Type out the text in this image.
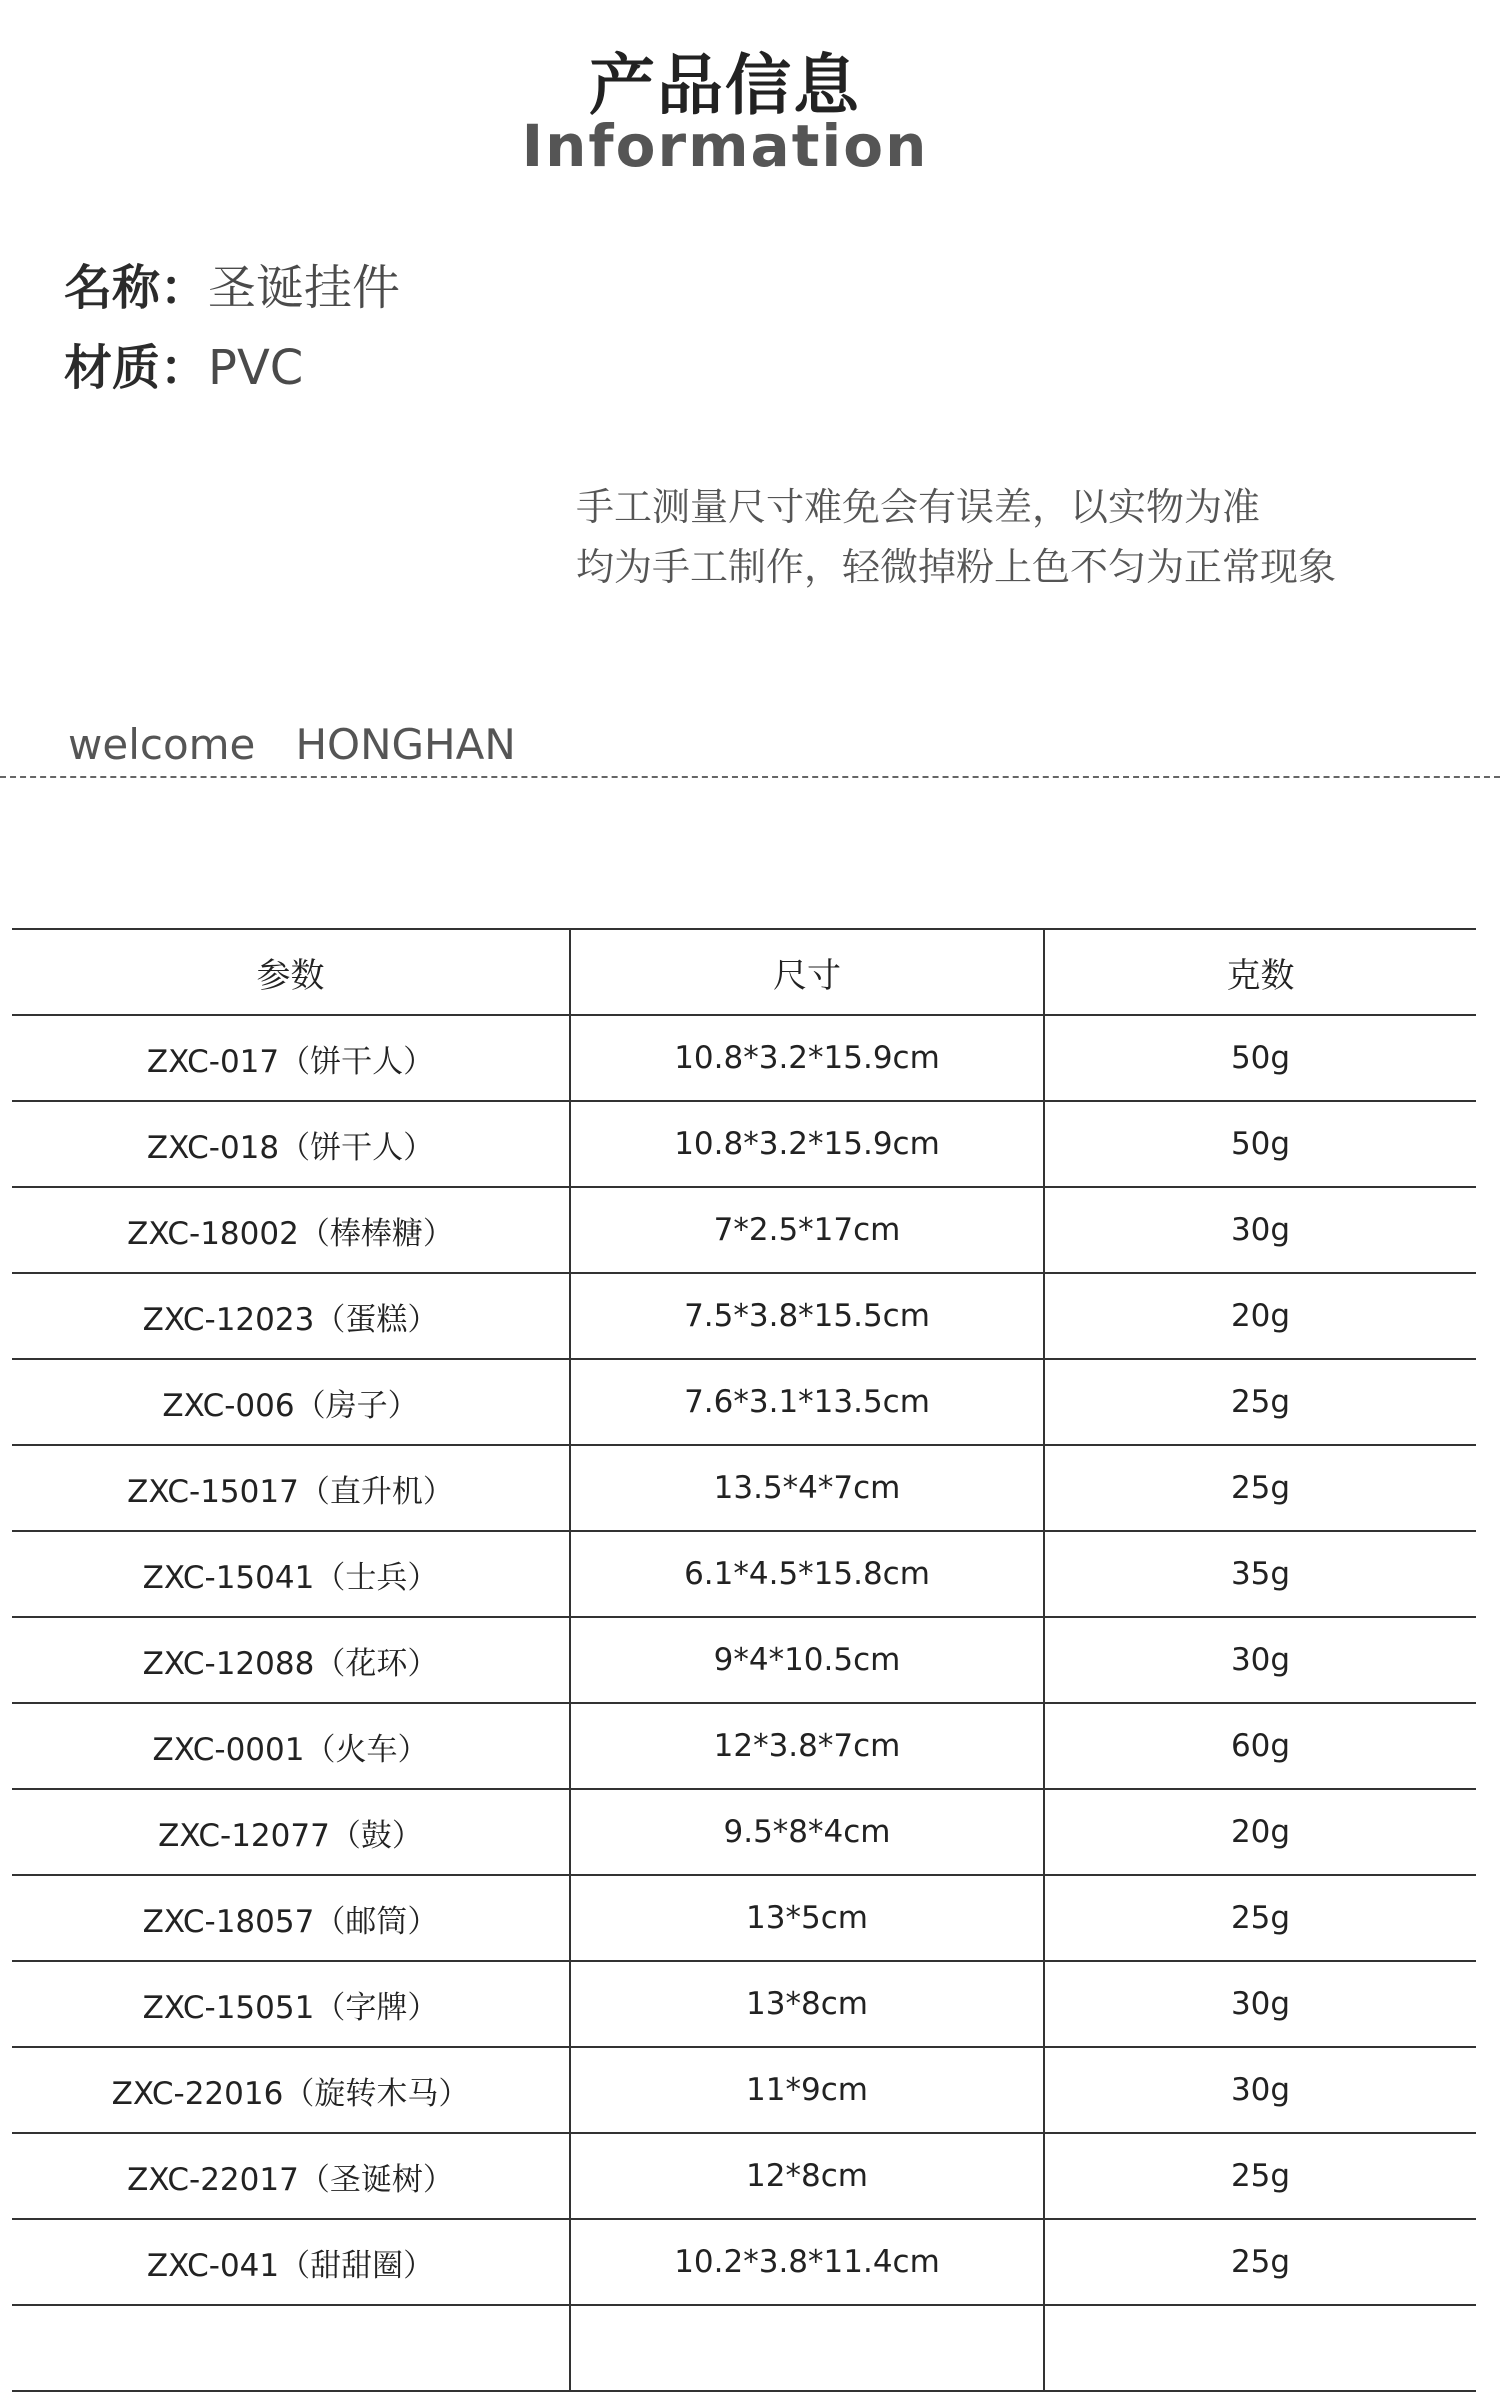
产品信息
Information
名称：圣诞挂件
材质：PVC
手工测量尺寸难免会有误差，以实物为准
均为手工制作，轻微掉粉上色不匀为正常现象
welcome   HONGHAN
参数	尺寸	克数
ZXC-017（饼干人）	10.8*3.2*15.9cm	50g
ZXC-018（饼干人）	10.8*3.2*15.9cm	50g
ZXC-18002（棒棒糖）	7*2.5*17cm	30g
ZXC-12023（蛋糕）	7.5*3.8*15.5cm	20g
ZXC-006（房子）	7.6*3.1*13.5cm	25g
ZXC-15017（直升机）	13.5*4*7cm	25g
ZXC-15041（士兵）	6.1*4.5*15.8cm	35g
ZXC-12088（花环）	9*4*10.5cm	30g
ZXC-0001（火车）	12*3.8*7cm	60g
ZXC-12077（鼓）	9.5*8*4cm	20g
ZXC-18057（邮筒）	13*5cm	25g
ZXC-15051（字牌）	13*8cm	30g
ZXC-22016（旋转木马）	11*9cm	30g
ZXC-22017（圣诞树）	12*8cm	25g
ZXC-041（甜甜圈）	10.2*3.8*11.4cm	25g
